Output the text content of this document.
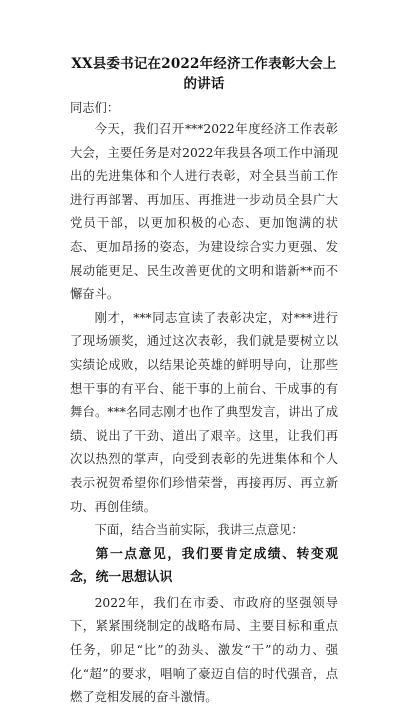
XX县委书记在2022年经济工作表彰大会上的讲话

同志们：

今天，我们召开***2022年度经济工作表彰大会，主要任务是对2022年我县各项工作中涌现出的先进集体和个人进行表彰，对全县当前工作进行再部署、再加压、再推进一步动员全县广大党员干部，以更加积极的心态、更加饱满的状态、更加昂扬的姿态，为建设综合实力更强、发展动能更足、民生改善更优的文明和谐新**而不懈奋斗。

刚才，***同志宣读了表彰决定，对***进行了现场颁奖，通过这次表彰，我们就是要树立以实绩论成败，以结果论英雄的鲜明导向，让那些想干事的有平台、能干事的上前台、干成事的有舞台。***名同志刚才也作了典型发言，讲出了成绩、说出了干劲、道出了艰辛。这里，让我们再次以热烈的掌声，向受到表彰的先进集体和个人表示祝贺希望你们珍惜荣誉，再接再厉、再立新功、再创佳绩。

下面，结合当前实际，我讲三点意见：

第一点意见，我们要肯定成绩、转变观念，统一思想认识

2022年，我们在市委、市政府的坚强领导下，紧紧围绕制定的战略布局、主要目标和重点任务，卯足“比”的劲头、激发“干”的动力、强化“超”的要求，唱响了豪迈自信的时代强音，点燃了竞相发展的奋斗激情。
